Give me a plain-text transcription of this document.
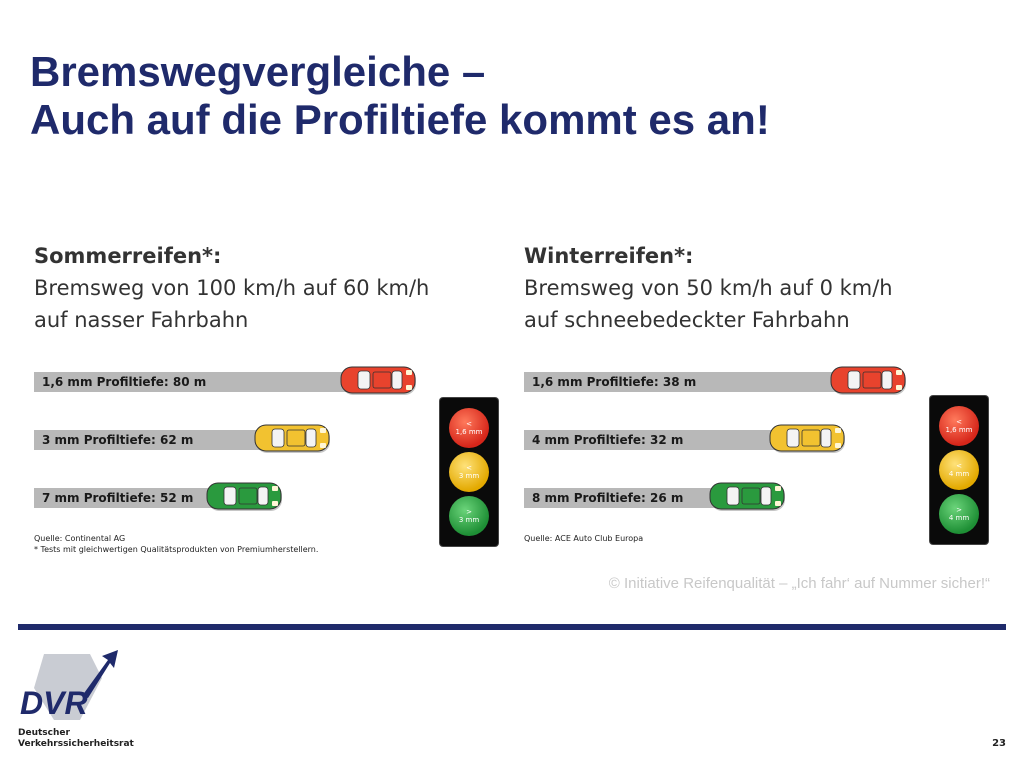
Bremswegvergleiche –
Auch auf die Profiltiefe kommt es an!
Sommerreifen*:
Bremsweg von 100 km/h auf 60 km/h
auf nasser Fahrbahn
1,6 mm Profiltiefe: 80 m
3 mm Profiltiefe: 62 m
7 mm Profiltiefe: 52 m
<
1,6 mm
<
3 mm
>
3 mm
Quelle: Continental AG
* Tests mit gleichwertigen Qualitätsprodukten von Premiumherstellern.
Winterreifen*:
Bremsweg von 50 km/h auf 0 km/h
auf schneebedeckter Fahrbahn
1,6 mm Profiltiefe: 38 m
4 mm Profiltiefe: 32 m
8 mm Profiltiefe: 26 m
<
1,6 mm
<
4 mm
>
4 mm
Quelle: ACE Auto Club Europa
© Initiative Reifenqualität – „Ich fahr‘ auf Nummer sicher!“
DVR
Deutscher
Verkehrssicherheitsrat	23
